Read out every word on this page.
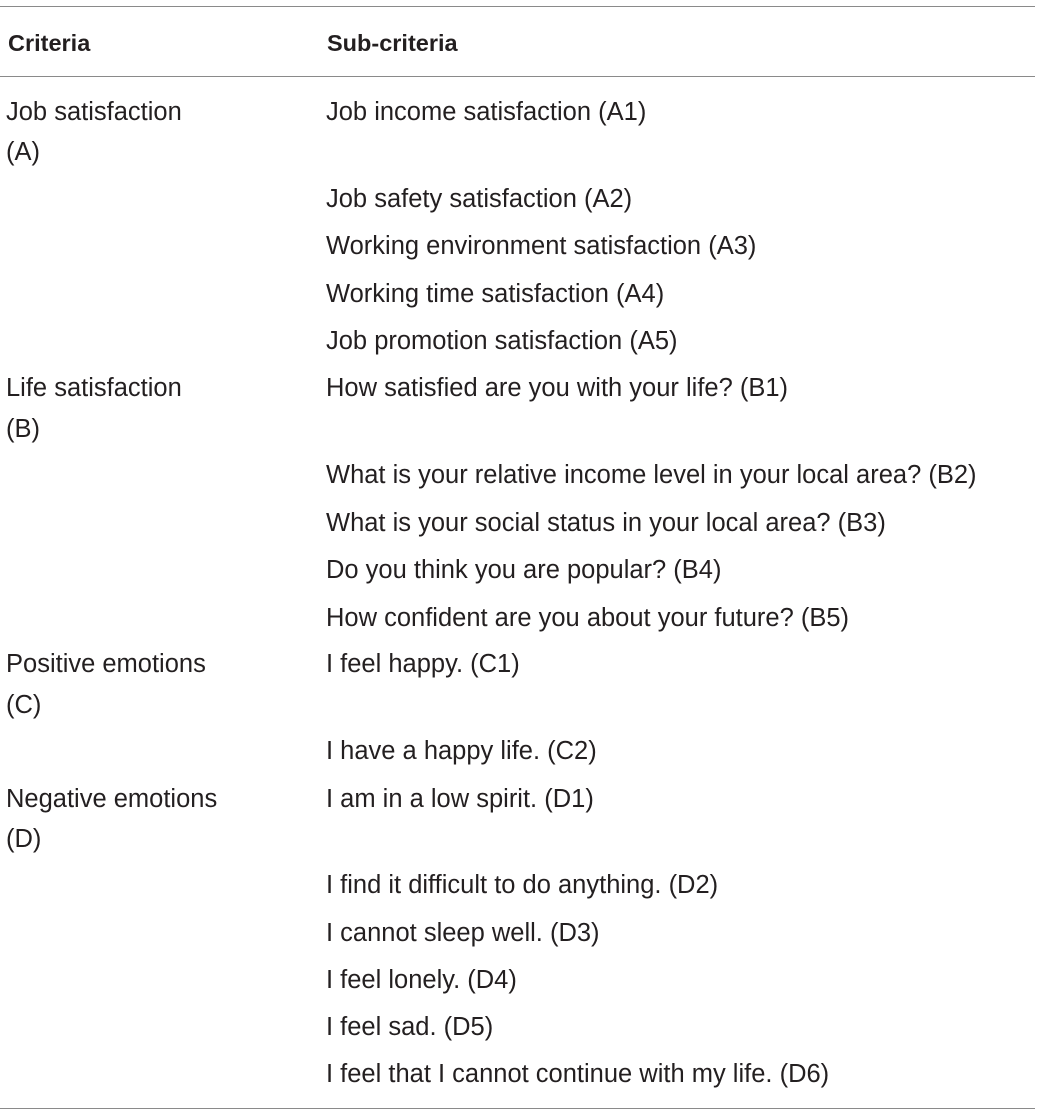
Criteria	Sub-criteria
Job satisfaction
(A)
Job income satisfaction (A1)
Job safety satisfaction (A2)
Working environment satisfaction (A3)
Working time satisfaction (A4)
Job promotion satisfaction (A5)
Life satisfaction
(B)
How satisfied are you with your life? (B1)
What is your relative income level in your local area? (B2)
What is your social status in your local area? (B3)
Do you think you are popular? (B4)
How confident are you about your future? (B5)
Positive emotions
(C)
I feel happy. (C1)
I have a happy life. (C2)
Negative emotions
(D)
I am in a low spirit. (D1)
I find it difficult to do anything. (D2)
I cannot sleep well. (D3)
I feel lonely. (D4)
I feel sad. (D5)
I feel that I cannot continue with my life. (D6)
